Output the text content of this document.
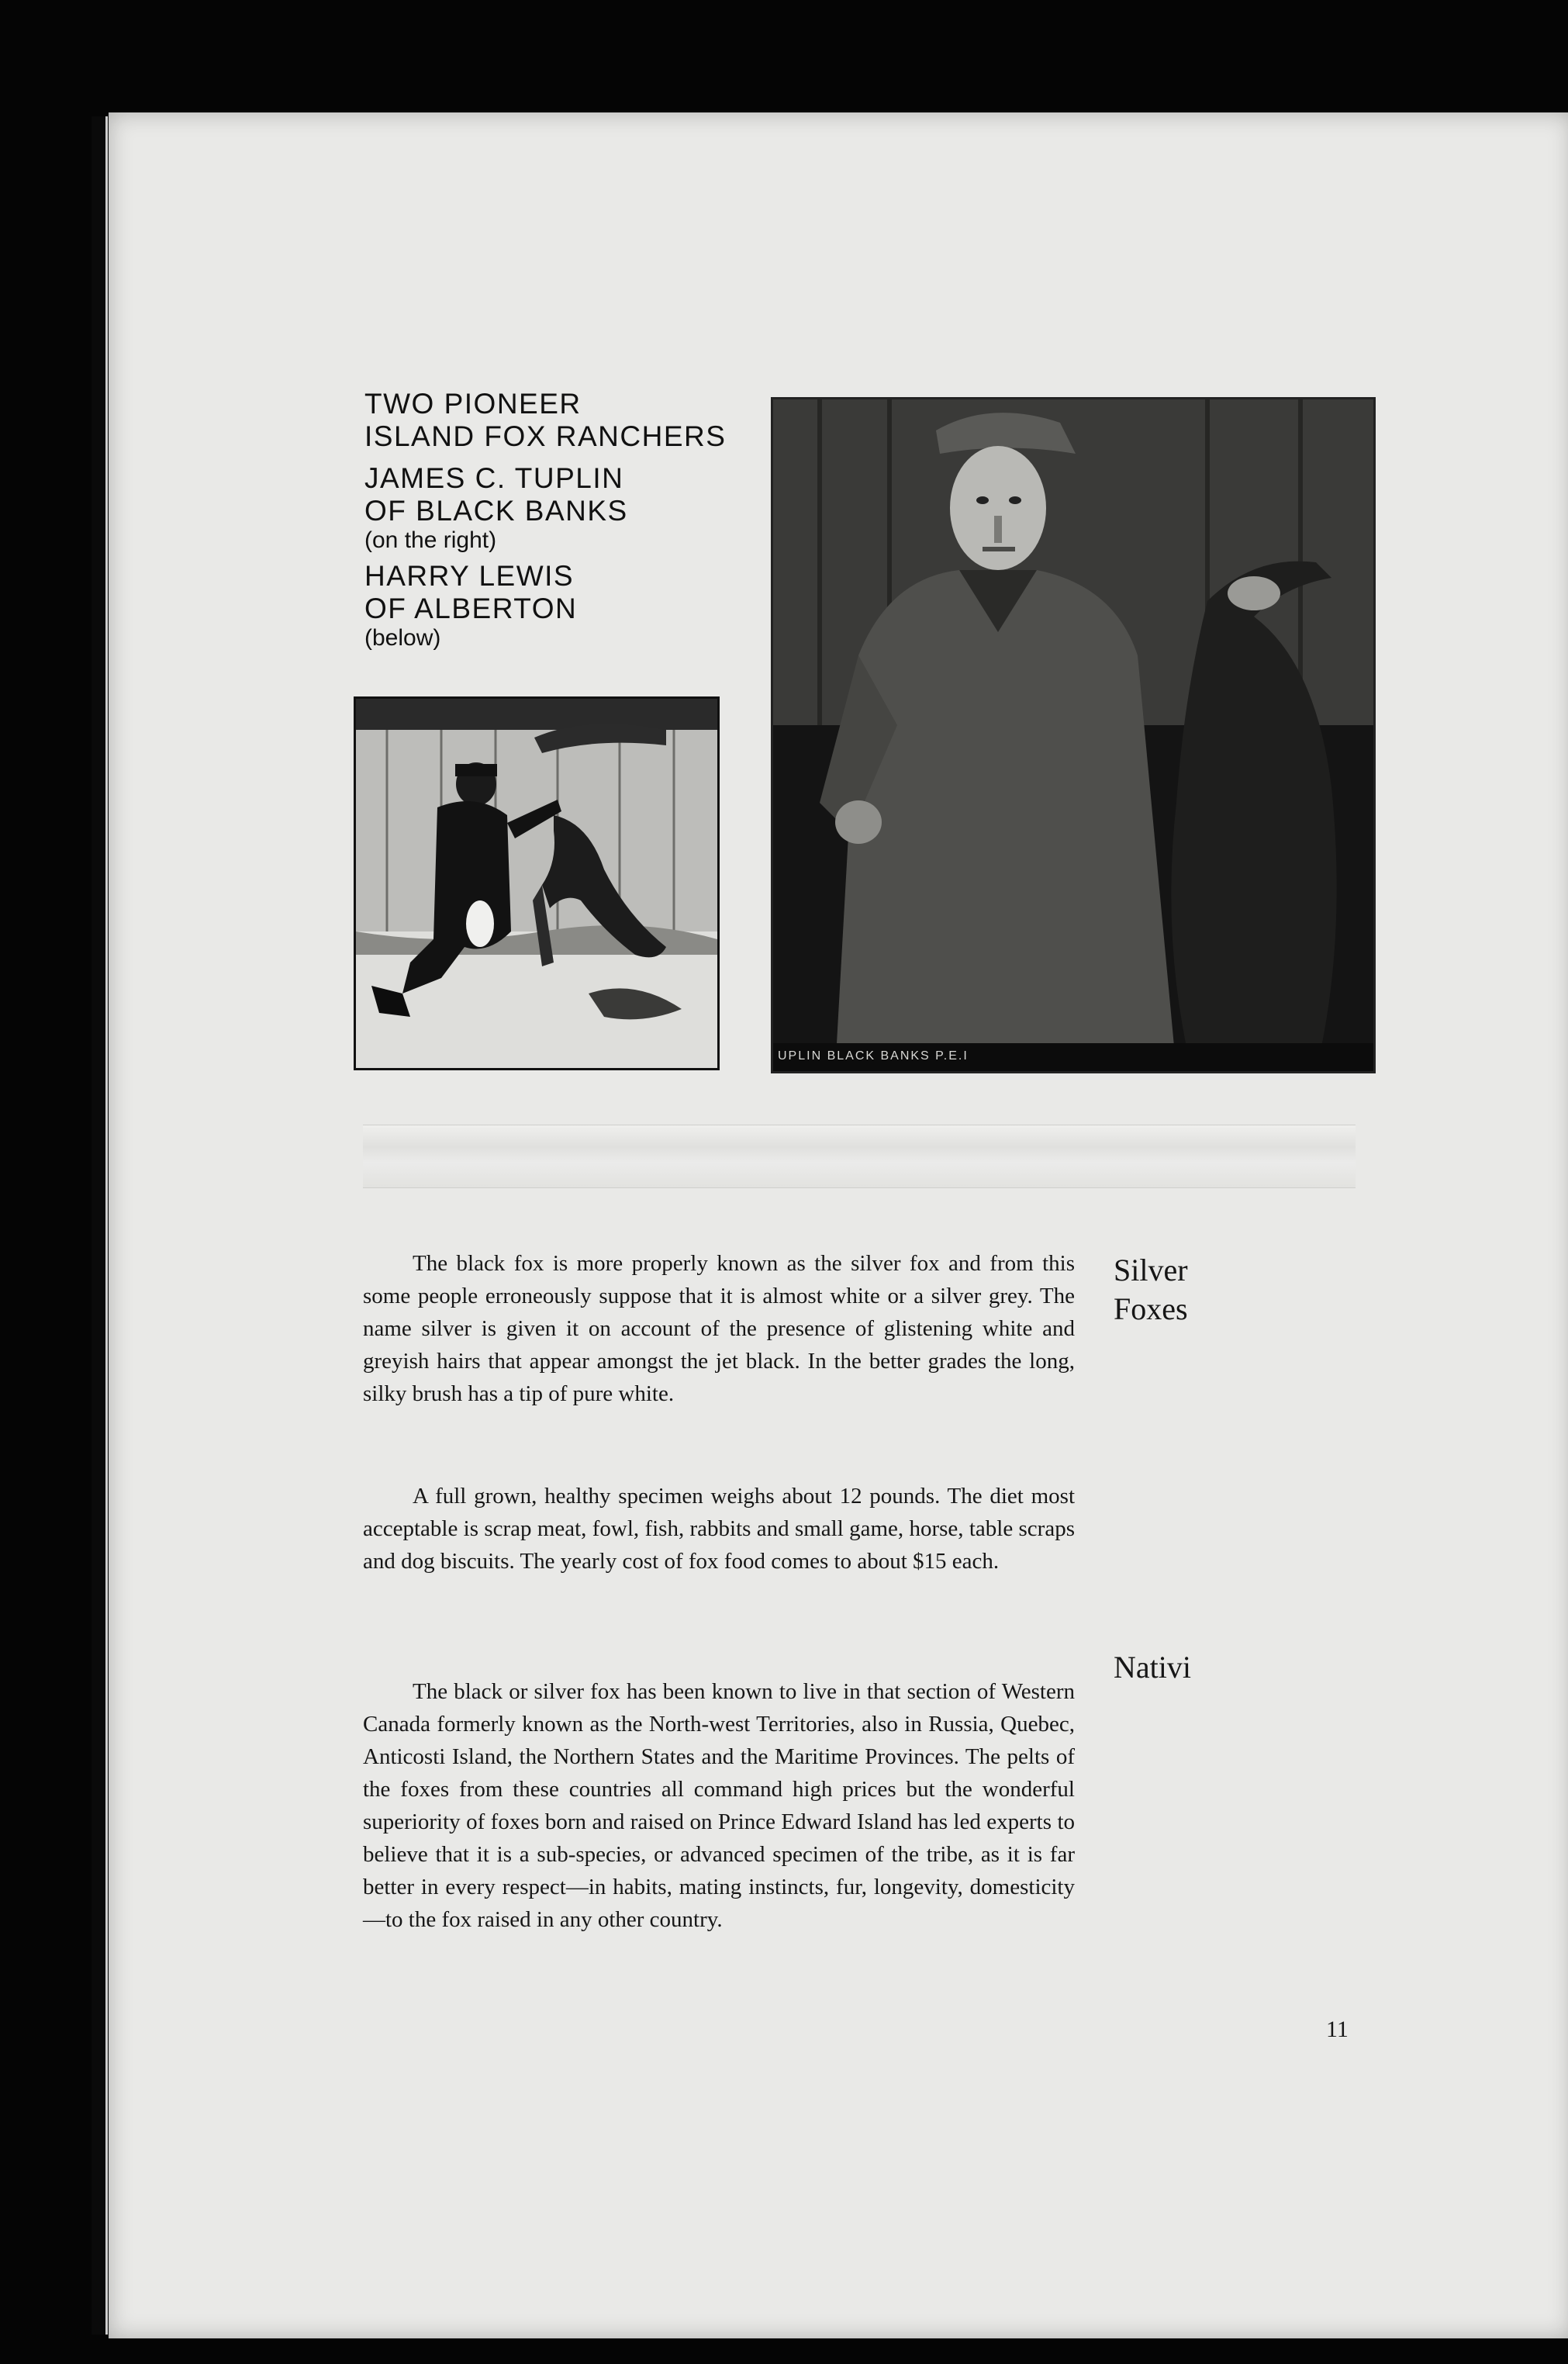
TWO PIONEER
ISLAND FOX RANCHERS
JAMES C. TUPLIN
OF BLACK BANKS
(on the right)
HARRY LEWIS
OF ALBERTON
(below)
UPLIN BLACK BANKS P.E.I

The black fox is more properly known as the silver fox and from this some people erroneously suppose that it is almost white or a silver grey. The name silver is given it on account of the presence of glistening white and greyish hairs that appear amongst the jet black. In the better grades the long, silky brush has a tip of pure white.

A full grown, healthy specimen weighs about 12 pounds. The diet most acceptable is scrap meat, fowl, fish, rabbits and small game, horse, table scraps and dog biscuits. The yearly cost of fox food comes to about $15 each.

The black or silver fox has been known to live in that section of Western Canada formerly known as the North-west Territories, also in Russia, Quebec, Anticosti Island, the Northern States and the Maritime Provinces. The pelts of the foxes from these countries all command high prices but the wonderful superiority of foxes born and raised on Prince Edward Island has led experts to believe that it is a sub-species, or advanced specimen of the tribe, as it is far better in every respect—in habits, mating instincts, fur, longevity, domesticity—to the fox raised in any other country.

Silver
Foxes
Nativi
11
